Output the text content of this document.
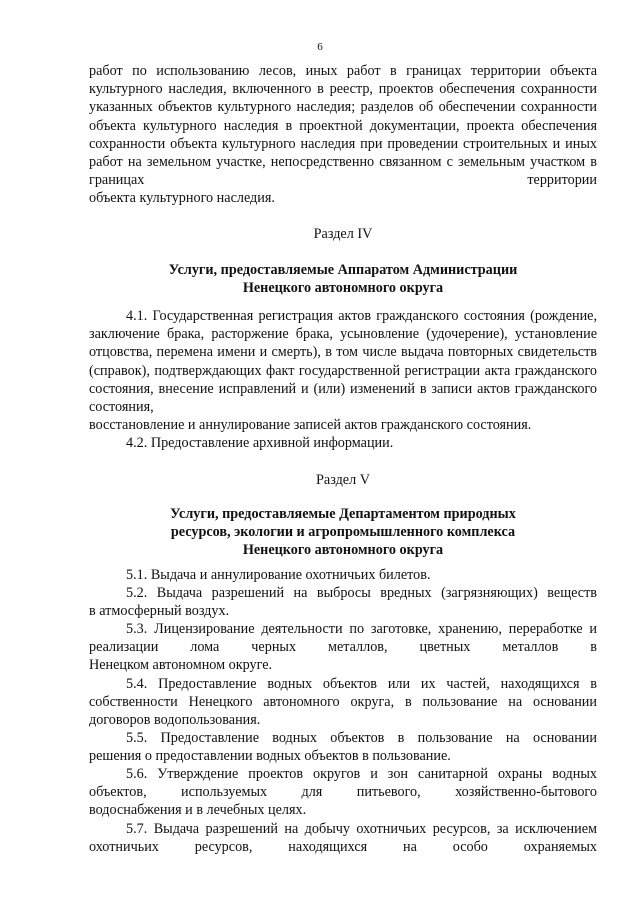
6
работ по использованию лесов, иных работ в границах территории объекта культурного наследия, включенного в реестр, проектов обеспечения сохранности указанных объектов культурного наследия; разделов об обеспечении сохранности объекта культурного наследия в проектной документации, проекта обеспечения сохранности объекта культурного наследия при проведении строительных и иных работ на земельном участке, непосредственно связанном с земельным участком в границах территории
объекта культурного наследия.
Раздел IV
Услуги, предоставляемые Аппаратом Администрации
Ненецкого автономного округа
4.1. Государственная регистрация актов гражданского состояния (рождение, заключение брака, расторжение брака, усыновление (удочерение), установление отцовства, перемена имени и смерть), в том числе выдача повторных свидетельств (справок), подтверждающих факт государственной регистрации акта гражданского состояния, внесение исправлений и (или) изменений в записи актов гражданского состояния,
восстановление и аннулирование записей актов гражданского состояния.
4.2. Предоставление архивной информации.
Раздел V
Услуги, предоставляемые Департаментом природных
ресурсов, экологии и агропромышленного комплекса
Ненецкого автономного округа
5.1. Выдача и аннулирование охотничьих билетов.
5.2. Выдача разрешений на выбросы вредных (загрязняющих) веществ
в атмосферный воздух.
5.3. Лицензирование деятельности по заготовке, хранению, переработке и реализации лома черных металлов, цветных металлов в
Ненецком автономном округе.
5.4. Предоставление водных объектов или их частей, находящихся в собственности Ненецкого автономного округа, в пользование на основании
договоров водопользования.
5.5. Предоставление водных объектов в пользование на основании
решения о предоставлении водных объектов в пользование.
5.6. Утверждение проектов округов и зон санитарной охраны водных объектов, используемых для питьевого, хозяйственно-бытового
водоснабжения и в лечебных целях.
5.7. Выдача разрешений на добычу охотничьих ресурсов, за исключением охотничьих ресурсов, находящихся на особо охраняемых
